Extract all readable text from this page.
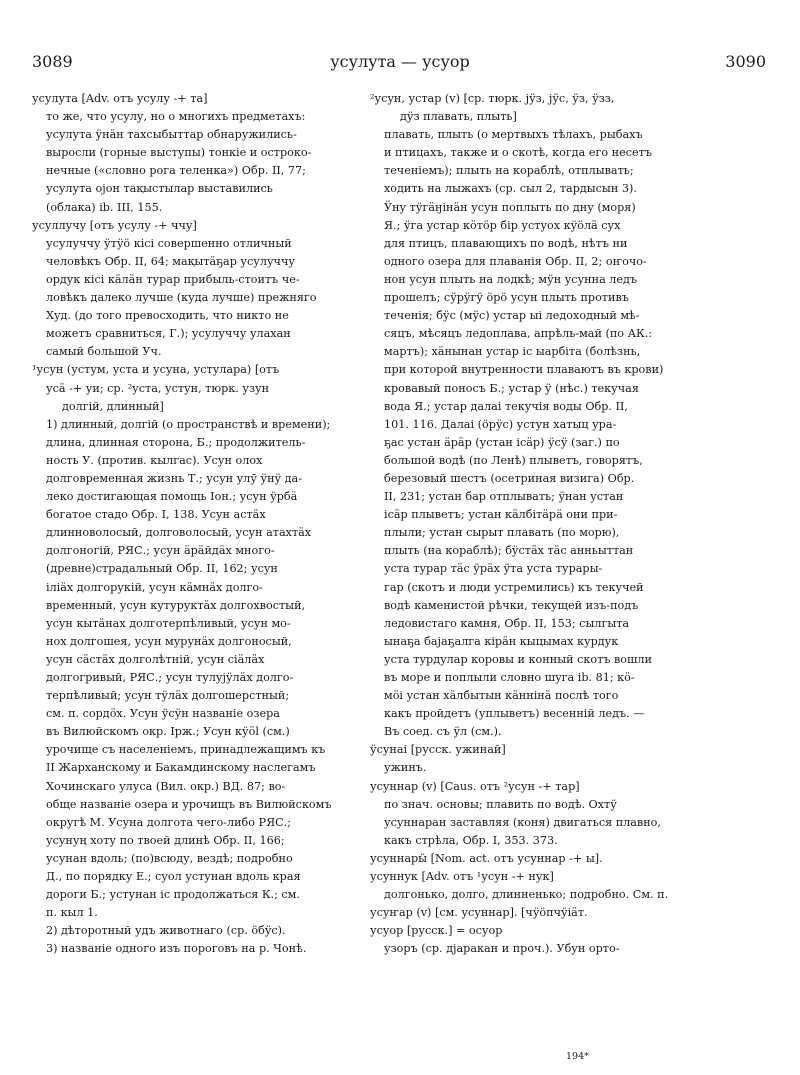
3089	усулута — усуор	3090
усулута [Adv. отъ усулу -+ та]
то же, что усулу, но о многихъ предметахъ:
усулута ӱнӓн тахсыбыттар обнаружились-
выросли (горные выступы) тонкіе и остроко-
нечные («словно рога теленка») Обр. II, 77;
усулута ојон тақыстылар выставились
(облака) ib. III, 155.
усуллучу [отъ усулу -+ ччу]
усулуччу ӱтӱö кісі совершенно отличный
человѣкъ Обр. II, 64; мақытӓҕар усулуччу
ордук кісі кӓлӓн турар прибыль-стоитъ че-
ловѣкъ далеко лучше (куда лучше) прежняго
Худ. (до того превосходить, что никто не
можетъ сравниться, Г.); усулуччу улахан
самый большой Уч.
¹усун (устум, уста и усуна, устулара) [отъ
усӓ -+ уи; ср. ²уста, устун, тюрк. узун
долгій, длинный]
1) длинный, долгій (о пространствѣ и времени);
длина, длинная сторона, Б.; продолжитель-
ность У. (против. кылгас). Усун олох
долговременная жизнь Т.; усун улӯ ӱнӱ да-
леко достигающая помощь Іон.; усун ӱрбӓ
богатое стадо Обр. I, 138. Усун астӓх
длинноволосый, долговолосый, усун атахтӓх
долгоногій, РЯС.; усун ӓрӓйдӓх много-
(древне)страдальный Обр. II, 162; усун
іліӓх долгорукій, усун кӓмнӓх долго-
временный, усун кутуруктӓх долгохвостый,
усун кытӓнах долготерпѣливый, усун мо-
нох долгошея, усун мурунӓх долгоносый,
усун сӓстӓх долголѣтній, усун сіӓлӓх
долгогривый, РЯС.; усун тулујӱлӓх долго-
терпѣливый; усун тӱлӓх долгошерстный;
см. п. сордӧх. Усун ӱсӱн названіе озера
въ Вилюйскомъ окр. Ірж.; Усун кӱӧl (см.)
урочище съ населеніемъ, принадлежащимъ къ
II Жарханскому и Бакамдинскому наслегамъ
Хочинскаго улуса (Вил. окр.) ВД. 87; во-
обще названіе озера и урочищъ въ Вилюйскомъ
округѣ М. Усуна долгота чего-либо РЯС.;
усунуң хоту по твоей длинѣ Обр. II, 166;
усунан вдоль; (по)всюду, вездѣ; подробно
Д., по порядку Е.; суол устунан вдоль края
дороги Б.; устунан іс продолжаться К.; см.
п. кыл 1.
2) дѣторотный удъ животнаго (ср. öбӱс).
3) названіе одного изъ пороговъ на р. Чонѣ.
²усун, устар (v) [ср. тюрк. јӱз, јӱс, ӱз, ӱзз,
дӱз плавать, плыть]
плавать, плыть (о мертвыхъ тѣлахъ, рыбахъ
и птицахъ, также и о скотѣ, когда его несетъ
теченіемъ); плыть на кораблѣ, отплывать;
ходить на лыжахъ (ср. сыл 2, тардысын 3).
Ӱну тӱгӓӈінӓн усун поплыть по дну (моря)
Я.; ӱга устар кӧтӧр бір устуох кӱöлӓ сух
для птицъ, плавающихъ по водѣ, нѣтъ ни
одного озера для плаванія Обр. II, 2; оҥочо-
нон усун плыть на лодкѣ; мӱн усунна ледъ
прошелъ; сӱрӱгӱ öрö усун плыть противъ
теченія; бӱс (мӱс) устар ыі ледоходный мѣ-
сяцъ, мѣсяцъ ледоплава, апрѣль-май (по АК.:
мартъ); хӓнынан устар іс ыарбіта (болѣзнь,
при которой внутренности плаваютъ въ крови)
кровавый поносъ Б.; устар ӱ (нѣс.) текучая
вода Я.; устар далаі текучія воды Обр. II,
101. 116. Далаі (öрӱс) устун хатыц ура-
ҕас устан ӓрӓр (устан ісӓр) ӱсӱ (заг.) по
большой водѣ (по Ленѣ) плыветъ, говорятъ,
березовый шестъ (осетриная визига) Обр.
II, 231; устан бар отплывать; ӱнан устан
ісӓр плыветъ; устан кӓлбітӓрӓ они при-
плыли; устан сырыт плавать (по морю),
плыть (на кораблѣ); бӱстӓх тӓс анньыттан
уста турар тӓс ӱрӓх ӱта уста турары-
гар (скотъ и люди устремились) къ текучей
водѣ каменистой рѣчки, текущей изъ-подъ
ледовистаго камня, Обр. II, 153; сылгыта
ынаҕа бајаҕалга кірӓн кыцымах курдук
уста турдулар коровы и конный скотъ вошли
въ море и поплыли словно шуга ib. 81; кӧ-
мӧі устан хӓлбытын кӓннінӓ послѣ того
какъ пройдетъ (уплыветъ) весенній ледъ. —
Въ соед. съ ӱл (см.).
ӱсунаі [русск. ужинай]
ужинъ.
усуннар (v) [Caus. отъ ²усун -+ тар]
по знач. основы; плавить по водѣ. Охтӱ
усуннаран заставляя (коня) двигаться плавно,
какъ стрѣла, Обр. I, 353. 373.
усуннарӹ [Nom. act. отъ усуннар -+ ы].
усуннук [Adv. отъ ¹усун -+ нук]
долгонько, долго, длинненько; подробно. См. п.
усуҥар (v) [см. усуннар]. [чӱöпчӱіӓт.
усуор [русск.] = осуор
узоръ (ср. дјаракан и проч.). Убун орто-
194*
